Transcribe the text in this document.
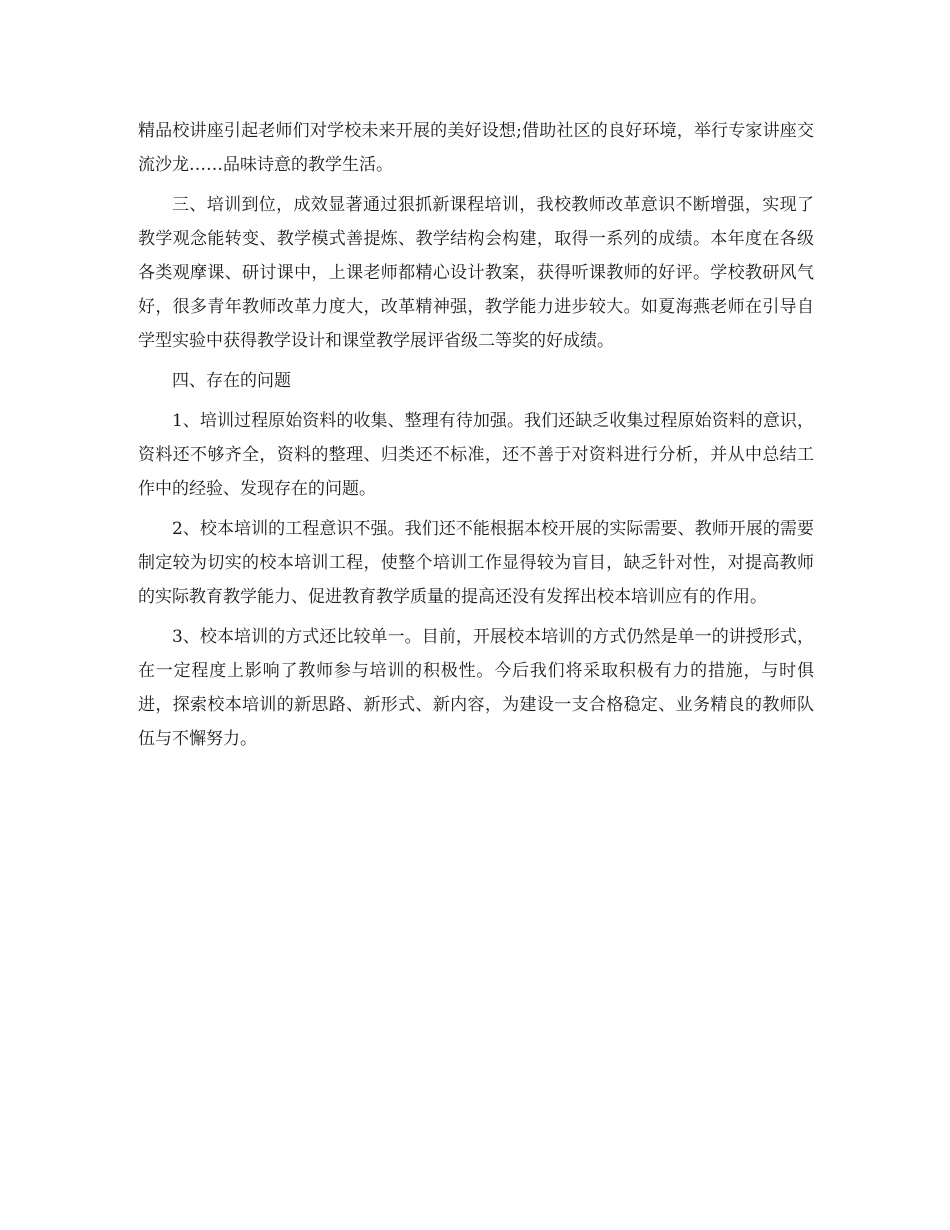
精品校讲座引起老师们对学校未来开展的美好设想;借助社区的良好环境，举行专家讲座交流沙龙……品味诗意的教学生活。

三、培训到位，成效显著通过狠抓新课程培训，我校教师改革意识不断增强，实现了教学观念能转变、教学模式善提炼、教学结构会构建，取得一系列的成绩。本年度在各级各类观摩课、研讨课中，上课老师都精心设计教案，获得听课教师的好评。学校教研风气好，很多青年教师改革力度大，改革精神强，教学能力进步较大。如夏海燕老师在引导自学型实验中获得教学设计和课堂教学展评省级二等奖的好成绩。

四、存在的问题

1、培训过程原始资料的收集、整理有待加强。我们还缺乏收集过程原始资料的意识，资料还不够齐全，资料的整理、归类还不标准，还不善于对资料进行分析，并从中总结工作中的经验、发现存在的问题。

2、校本培训的工程意识不强。我们还不能根据本校开展的实际需要、教师开展的需要制定较为切实的校本培训工程，使整个培训工作显得较为盲目，缺乏针对性，对提高教师的实际教育教学能力、促进教育教学质量的提高还没有发挥出校本培训应有的作用。

3、校本培训的方式还比较单一。目前，开展校本培训的方式仍然是单一的讲授形式，在一定程度上影响了教师参与培训的积极性。今后我们将采取积极有力的措施，与时俱进，探索校本培训的新思路、新形式、新内容，为建设一支合格稳定、业务精良的教师队伍与不懈努力。
